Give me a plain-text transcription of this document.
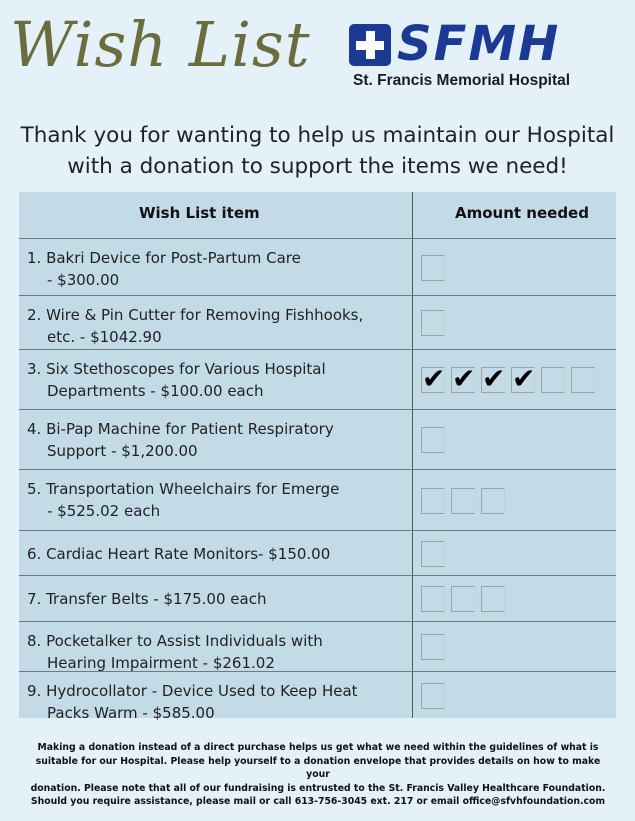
Wish List SFMH
St. Francis Memorial Hospital
Thank you for wanting to help us maintain our Hospital
with a donation to support the items we need!
Wish List item	Amount needed
1. Bakri Device for Post-Partum Care
- $300.00
2. Wire & Pin Cutter for Removing Fishhooks,
etc. - $1042.90
3. Six Stethoscopes for Various Hospital
Departments - $100.00 each
✔
✔
✔
✔
4. Bi-Pap Machine for Patient Respiratory
Support - $1,200.00
5. Transportation Wheelchairs for Emerge
- $525.02 each
6. Cardiac Heart Rate Monitors- $150.00
7. Transfer Belts - $175.00 each
8. Pocketalker to Assist Individuals with
Hearing Impairment - $261.02
9. Hydrocollator - Device Used to Keep Heat
Packs Warm - $585.00
Making a donation instead of a direct purchase helps us get what we need within the guidelines of what is
suitable for our Hospital. Please help yourself to a donation envelope that provides details on how to make your
donation. Please note that all of our fundraising is entrusted to the St. Francis Valley Healthcare Foundation.
Should you require assistance, please mail or call 613-756-3045 ext. 217 or email office@sfvhfoundation.com
